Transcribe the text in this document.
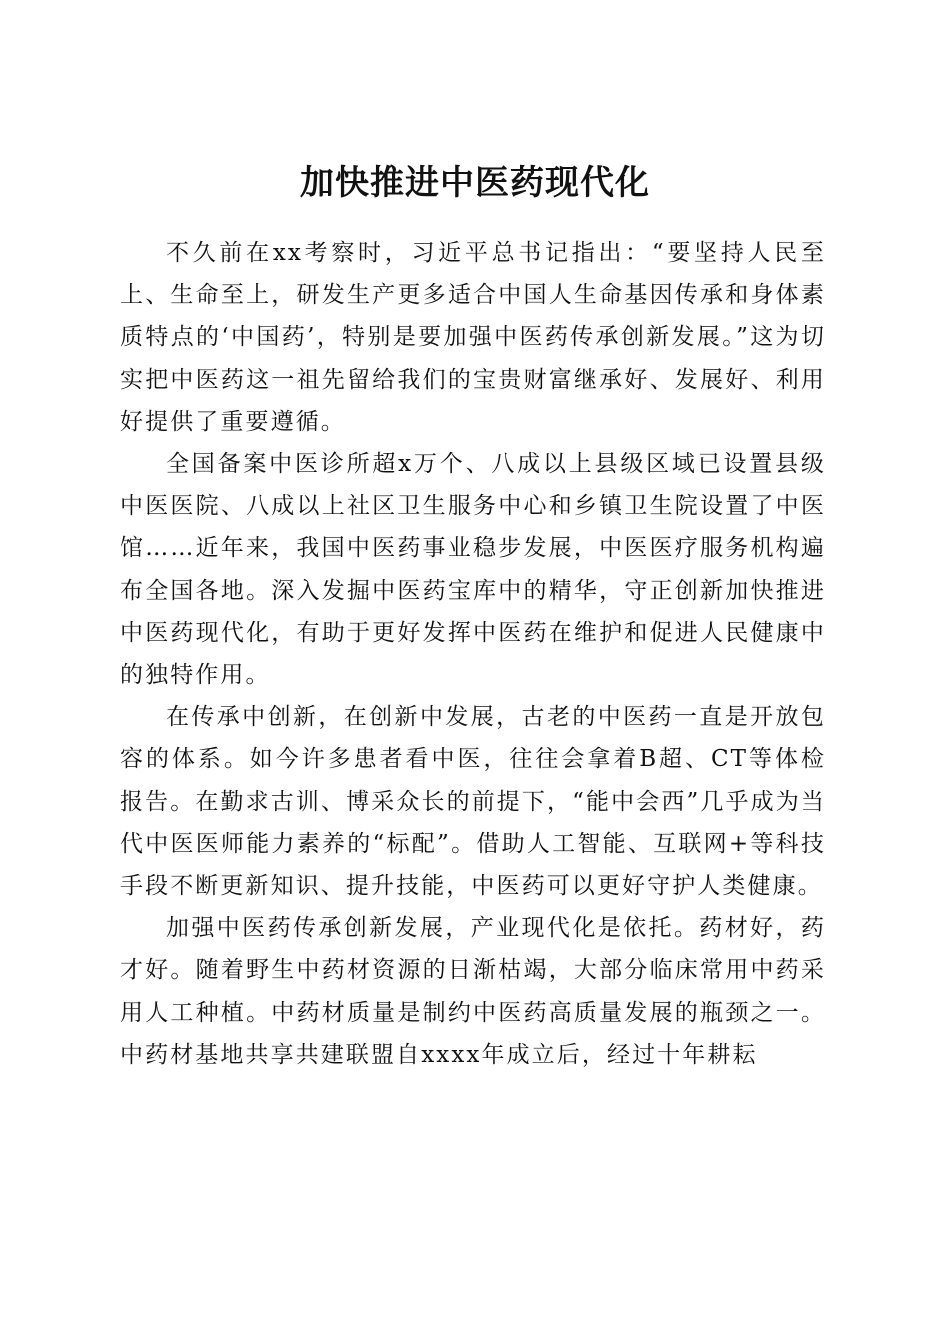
加快推进中医药现代化

不久前在xx考察时，习近平总书记指出：“要坚持人民至上、生命至上，研发生产更多适合中国人生命基因传承和身体素质特点的‘中国药’，特别是要加强中医药传承创新发展。”这为切实把中医药这一祖先留给我们的宝贵财富继承好、发展好、利用好提供了重要遵循。

全国备案中医诊所超x万个、八成以上县级区域已设置县级中医医院、八成以上社区卫生服务中心和乡镇卫生院设置了中医馆……近年来，我国中医药事业稳步发展，中医医疗服务机构遍布全国各地。深入发掘中医药宝库中的精华，守正创新加快推进中医药现代化，有助于更好发挥中医药在维护和促进人民健康中的独特作用。

在传承中创新，在创新中发展，古老的中医药一直是开放包容的体系。如今许多患者看中医，往往会拿着B超、CT等体检报告。在勤求古训、博采众长的前提下，“能中会西”几乎成为当代中医医师能力素养的“标配”。借助人工智能、互联网+等科技手段不断更新知识、提升技能，中医药可以更好守护人类健康。

加强中医药传承创新发展，产业现代化是依托。药材好，药才好。随着野生中药材资源的日渐枯竭，大部分临床常用中药采用人工种植。中药材质量是制约中医药高质量发展的瓶颈之一。中药材基地共享共建联盟自xxxx年成立后，经过十年耕耘
